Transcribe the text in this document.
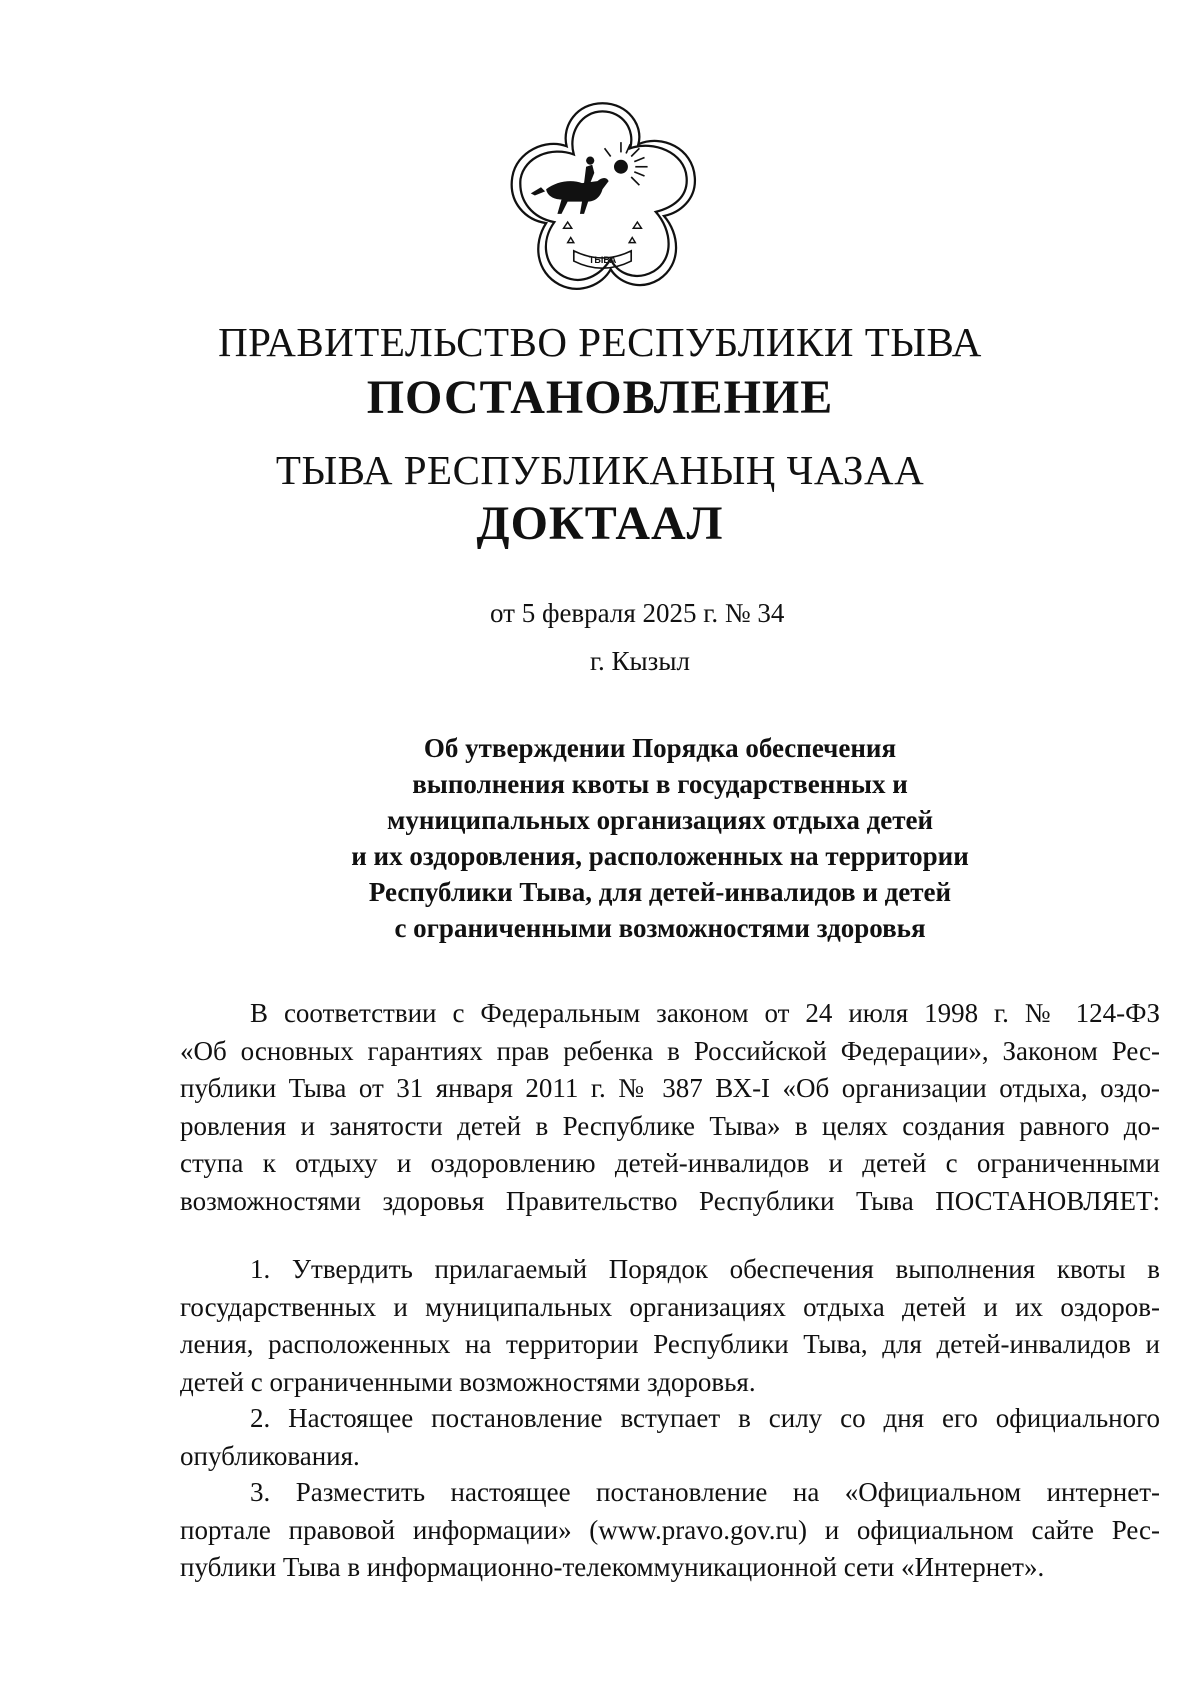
ТЫВА
ПРАВИТЕЛЬСТВО РЕСПУБЛИКИ ТЫВА
ПОСТАНОВЛЕНИЕ
ТЫВА РЕСПУБЛИКАНЫҢ ЧАЗАА
ДОКТААЛ
от 5 февраля 2025 г. № 34
г. Кызыл
Об утверждении Порядка обеспечения
выполнения квоты в государственных и
муниципальных организациях отдыха детей
и их оздоровления, расположенных на территории
Республики Тыва, для детей-инвалидов и детей
с ограниченными возможностями здоровья
В соответствии с Федеральным законом от 24 июля 1998 г. № 124-ФЗ
«Об основных гарантиях прав ребенка в Российской Федерации», Законом Рес-
публики Тыва от 31 января 2011 г. № 387 ВХ-I «Об организации отдыха, оздо-
ровления и занятости детей в Республике Тыва» в целях создания равного до-
ступа к отдыху и оздоровлению детей-инвалидов и детей с ограниченными
возможностями здоровья Правительство Республики Тыва ПОСТАНОВЛЯЕТ:
1. Утвердить прилагаемый Порядок обеспечения выполнения квоты в
государственных и муниципальных организациях отдыха детей и их оздоров-
ления, расположенных на территории Республики Тыва, для детей-инвалидов и
детей с ограниченными возможностями здоровья.
2. Настоящее постановление вступает в силу со дня его официального
опубликования.
3. Разместить настоящее постановление на «Официальном интернет-
портале правовой информации» (www.pravo.gov.ru) и официальном сайте Рес-
публики Тыва в информационно-телекоммуникационной сети «Интернет».
